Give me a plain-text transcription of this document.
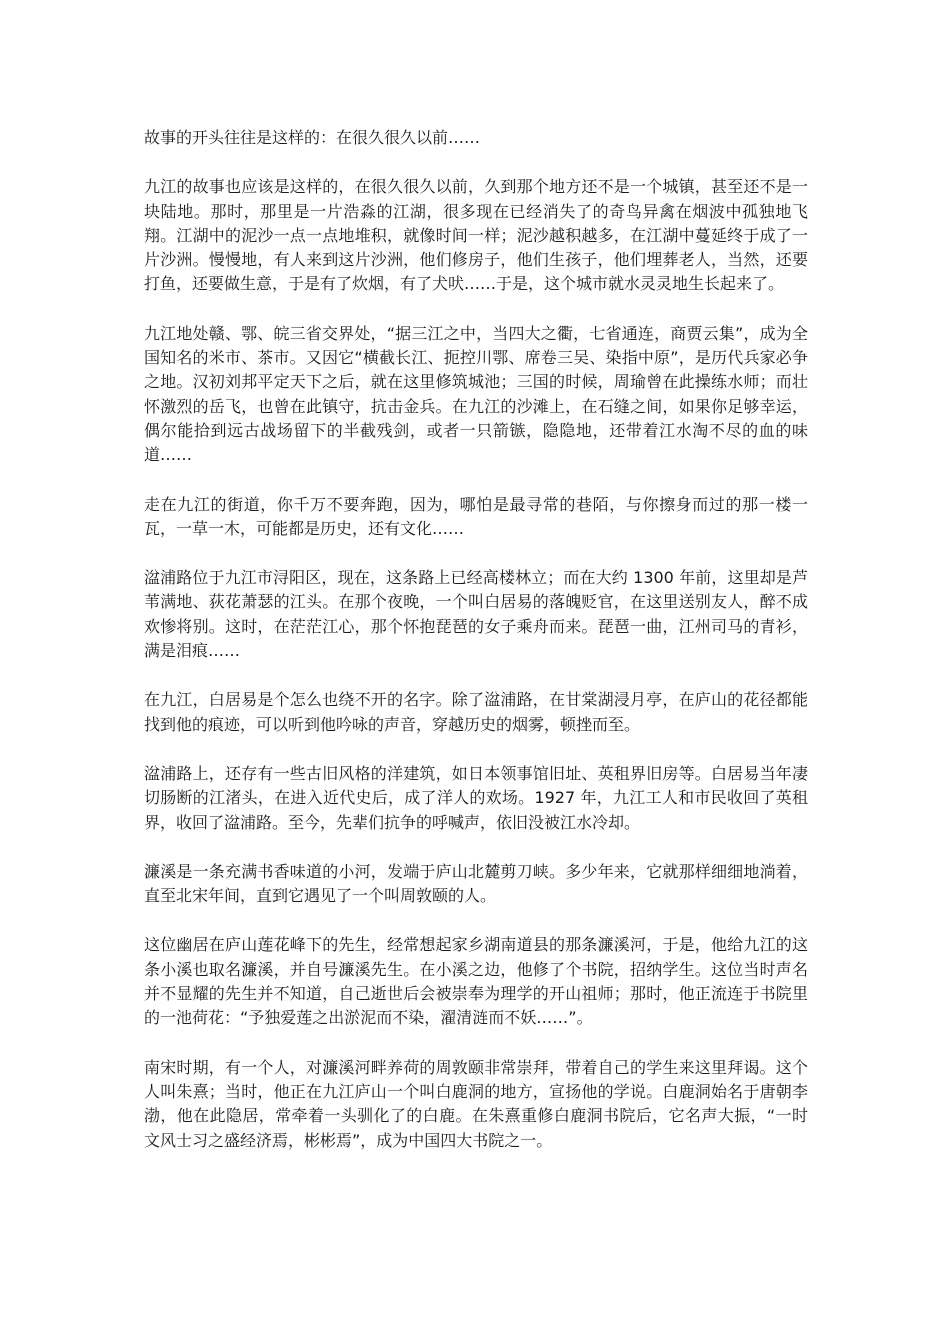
故事的开头往往是这样的：在很久很久以前……

九江的故事也应该是这样的，在很久很久以前，久到那个地方还不是一个城镇，甚至还不是一块陆地。那时，那里是一片浩淼的江湖，很多现在已经消失了的奇鸟异禽在烟波中孤独地飞翔。江湖中的泥沙一点一点地堆积，就像时间一样；泥沙越积越多，在江湖中蔓延终于成了一片沙洲。慢慢地，有人来到这片沙洲，他们修房子，他们生孩子，他们埋葬老人，当然，还要打鱼，还要做生意，于是有了炊烟，有了犬吠……于是，这个城市就水灵灵地生长起来了。

九江地处赣、鄂、皖三省交界处，“据三江之中，当四大之衢，七省通连，商贾云集”，成为全国知名的米市、茶市。又因它“横截长江、扼控川鄂、席卷三吴、染指中原”，是历代兵家必争之地。汉初刘邦平定天下之后，就在这里修筑城池；三国的时候，周瑜曾在此操练水师；而壮怀激烈的岳飞，也曾在此镇守，抗击金兵。在九江的沙滩上，在石缝之间，如果你足够幸运，偶尔能拾到远古战场留下的半截残剑，或者一只箭镞，隐隐地，还带着江水淘不尽的血的味道……

走在九江的街道，你千万不要奔跑，因为，哪怕是最寻常的巷陌，与你擦身而过的那一楼一瓦，一草一木，可能都是历史，还有文化……

湓浦路位于九江市浔阳区，现在，这条路上已经高楼林立；而在大约 1300 年前，这里却是芦苇满地、荻花萧瑟的江头。在那个夜晚，一个叫白居易的落魄贬官，在这里送别友人，醉不成欢惨将别。这时，在茫茫江心，那个怀抱琵琶的女子乘舟而来。琵琶一曲，江州司马的青衫，满是泪痕……

在九江，白居易是个怎么也绕不开的名字。除了湓浦路，在甘棠湖浸月亭，在庐山的花径都能找到他的痕迹，可以听到他吟咏的声音，穿越历史的烟雾，顿挫而至。

湓浦路上，还存有一些古旧风格的洋建筑，如日本领事馆旧址、英租界旧房等。白居易当年凄切肠断的江渚头，在进入近代史后，成了洋人的欢场。1927 年，九江工人和市民收回了英租界，收回了湓浦路。至今，先辈们抗争的呼喊声，依旧没被江水冷却。

濂溪是一条充满书香味道的小河，发端于庐山北麓剪刀峡。多少年来，它就那样细细地淌着，直至北宋年间，直到它遇见了一个叫周敦颐的人。

这位幽居在庐山莲花峰下的先生，经常想起家乡湖南道县的那条濂溪河，于是，他给九江的这条小溪也取名濂溪，并自号濂溪先生。在小溪之边，他修了个书院，招纳学生。这位当时声名并不显耀的先生并不知道，自己逝世后会被崇奉为理学的开山祖师；那时，他正流连于书院里的一池荷花：“予独爱莲之出淤泥而不染，濯清涟而不妖……”。

南宋时期，有一个人，对濂溪河畔养荷的周敦颐非常崇拜，带着自己的学生来这里拜谒。这个人叫朱熹；当时，他正在九江庐山一个叫白鹿洞的地方，宣扬他的学说。白鹿洞始名于唐朝李渤，他在此隐居，常牵着一头驯化了的白鹿。在朱熹重修白鹿洞书院后，它名声大振，“一时文风士习之盛经济焉，彬彬焉”，成为中国四大书院之一。
